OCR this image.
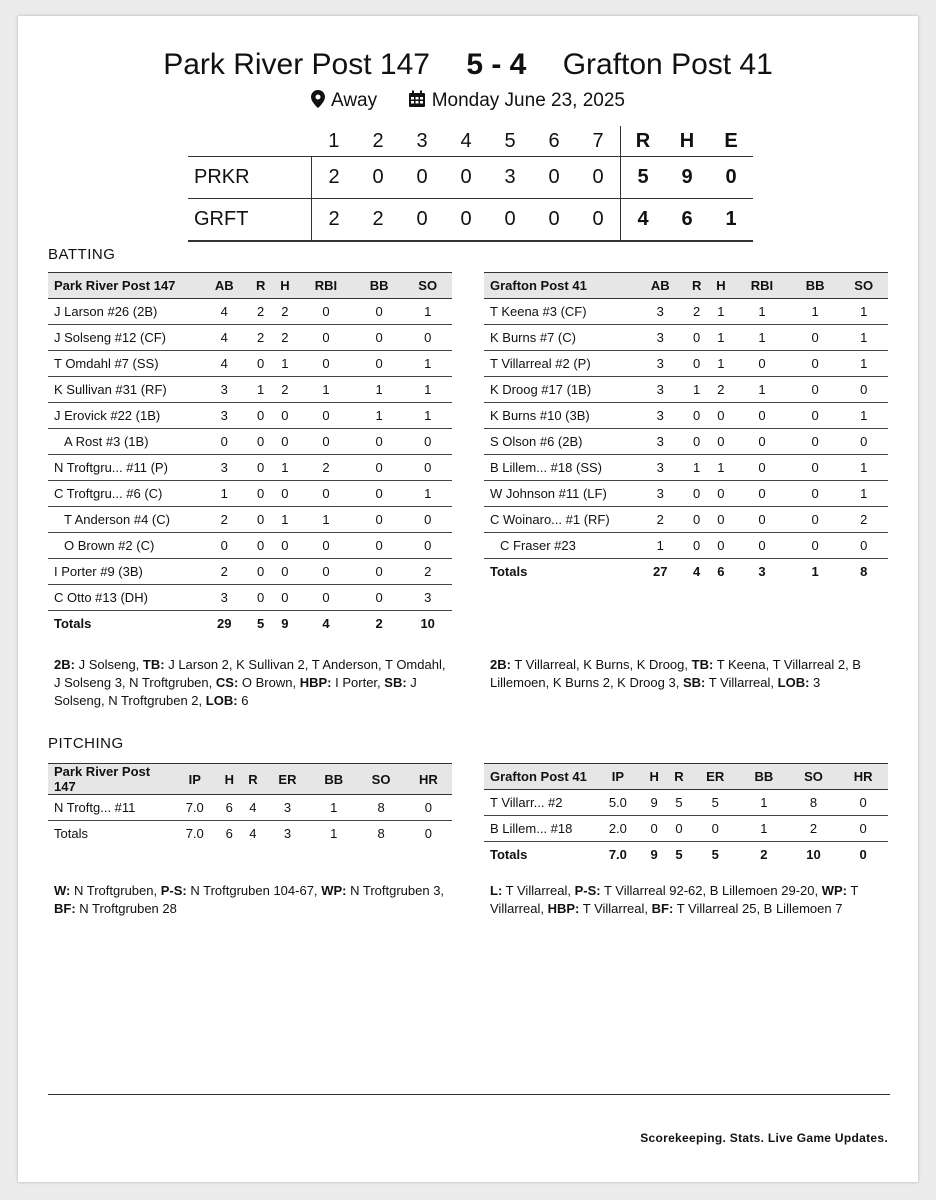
Park River Post 147 5 - 4 Grafton Post 41
Away	Monday June 23, 2025
	1	2	3	4	5	6	7	R	H	E
PRKR	2	0	0	0	3	0	0	5	9	0
GRFT	2	2	0	0	0	0	0	4	6	1
BATTING
Park River Post 147	AB	R	H	RBI	BB	SO
J Larson #26 (2B)	4	2	2	0	0	1
J Solseng #12 (CF)	4	2	2	0	0	0
T Omdahl #7 (SS)	4	0	1	0	0	1
K Sullivan #31 (RF)	3	1	2	1	1	1
J Erovick #22 (1B)	3	0	0	0	1	1
A Rost #3 (1B)	0	0	0	0	0	0
N Troftgru... #11 (P)	3	0	1	2	0	0
C Troftgru... #6 (C)	1	0	0	0	0	1
T Anderson #4 (C)	2	0	1	1	0	0
O Brown #2 (C)	0	0	0	0	0	0
I Porter #9 (3B)	2	0	0	0	0	2
C Otto #13 (DH)	3	0	0	0	0	3
Totals	29	5	9	4	2	10
Grafton Post 41	AB	R	H	RBI	BB	SO
T Keena #3 (CF)	3	2	1	1	1	1
K Burns #7 (C)	3	0	1	1	0	1
T Villarreal #2 (P)	3	0	1	0	0	1
K Droog #17 (1B)	3	1	2	1	0	0
K Burns #10 (3B)	3	0	0	0	0	1
S Olson #6 (2B)	3	0	0	0	0	0
B Lillem... #18 (SS)	3	1	1	0	0	1
W Johnson #11 (LF)	3	0	0	0	0	1
C Woinaro... #1 (RF)	2	0	0	0	0	2
C Fraser #23	1	0	0	0	0	0
Totals	27	4	6	3	1	8
2B: J Solseng, TB: J Larson 2, K Sullivan 2, T Anderson, T Omdahl, J Solseng 3, N Troftgruben, CS: O Brown, HBP: I Porter, SB: J Solseng, N Troftgruben 2, LOB: 6
2B: T Villarreal, K Burns, K Droog, TB: T Keena, T Villarreal 2, B Lillemoen, K Burns 2, K Droog 3, SB: T Villarreal, LOB: 3
PITCHING
Park River Post 147	IP	H	R	ER	BB	SO	HR
N Troftg... #11	7.0	6	4	3	1	8	0
Totals	7.0	6	4	3	1	8	0
Grafton Post 41	IP	H	R	ER	BB	SO	HR
T Villarr... #2	5.0	9	5	5	1	8	0
B Lillem... #18	2.0	0	0	0	1	2	0
Totals	7.0	9	5	5	2	10	0
W: N Troftgruben, P-S: N Troftgruben 104-67, WP: N Troftgruben 3, BF: N Troftgruben 28
L: T Villarreal, P-S: T Villarreal 92-62, B Lillemoen 29-20, WP: T Villarreal, HBP: T Villarreal, BF: T Villarreal 25, B Lillemoen 7
Scorekeeping. Stats. Live Game Updates.
